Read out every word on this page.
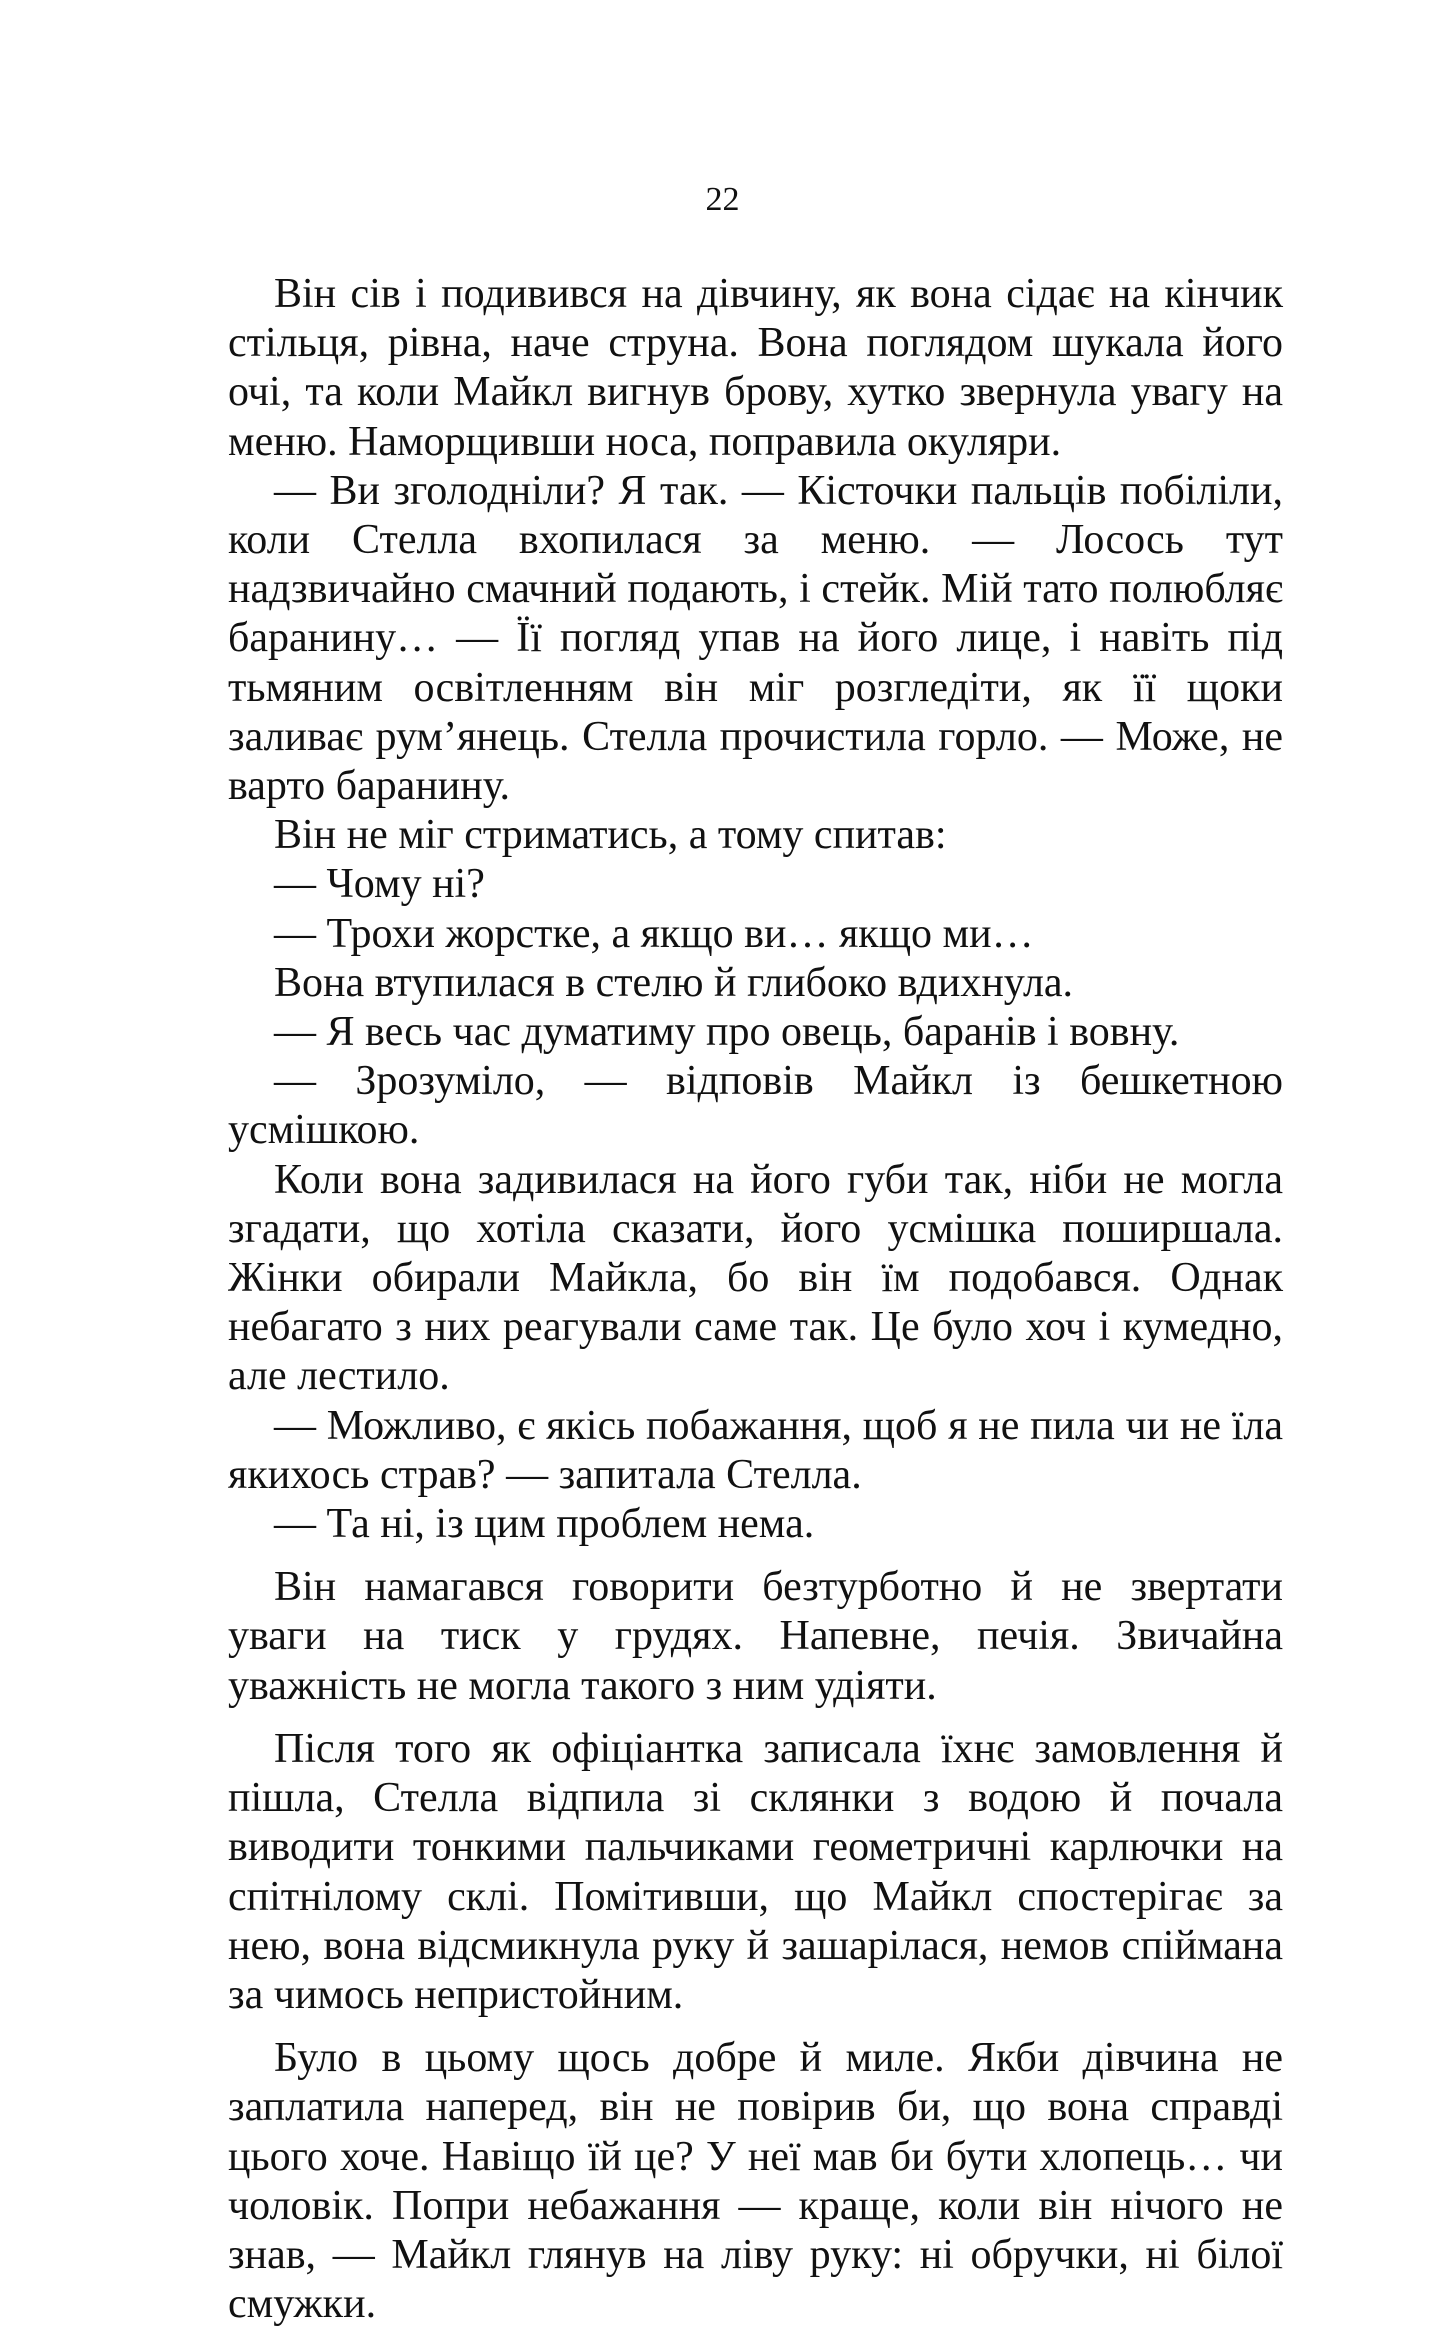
22

Він сів і подивився на дівчину, як вона сідає на кінчик стільця, рівна, наче струна. Вона поглядом шукала його очі, та коли Майкл вигнув брову, хутко звернула увагу на меню. Наморщивши носа, поправила окуляри.

— Ви зголодніли? Я так. — Кісточки пальців побіліли, коли Стелла вхопилася за меню. — Лосось тут надзвичайно смачний подають, і стейк. Мій тато полюбляє баранину… — Її погляд упав на його лице, і навіть під тьмяним освітленням він міг розгледіти, як її щоки заливає рум’янець. Стелла прочистила горло. — Може, не варто баранину.

Він не міг стриматись, а тому спитав:

— Чому ні?

— Трохи жорстке, а якщо ви… якщо ми…

Вона втупилася в стелю й глибоко вдихнула.

— Я весь час думатиму про овець, баранів і вовну.

— Зрозуміло, — відповів Майкл із бешкетною усмішкою.

Коли вона задивилася на його губи так, ніби не могла згадати, що хотіла сказати, його усмішка поширшала. Жінки обирали Майкла, бо він їм подобався. Однак небагато з них реагували саме так. Це було хоч і кумедно, але лестило.

— Можливо, є якісь побажання, щоб я не пила чи не їла якихось страв? — запитала Стелла.

— Та ні, із цим проблем нема.

Він намагався говорити безтурботно й не звертати уваги на тиск у грудях. Напевне, печія. Звичайна уважність не могла такого з ним удіяти.

Після того як офіціантка записала їхнє замовлення й пішла, Стелла відпила зі склянки з водою й почала виводити тонкими пальчиками геометричні карлючки на спітнілому склі. Помітивши, що Майкл спостерігає за нею, вона відсмикнула руку й зашарілася, немов спіймана за чимось непристойним.

Було в цьому щось добре й миле. Якби дівчина не заплатила наперед, він не повірив би, що вона справді цього хоче. Навіщо їй це? У неї мав би бути хлопець… чи чоловік. Попри небажання — краще, коли він нічого не знав, — Майкл глянув на ліву руку: ні обручки, ні білої смужки.
